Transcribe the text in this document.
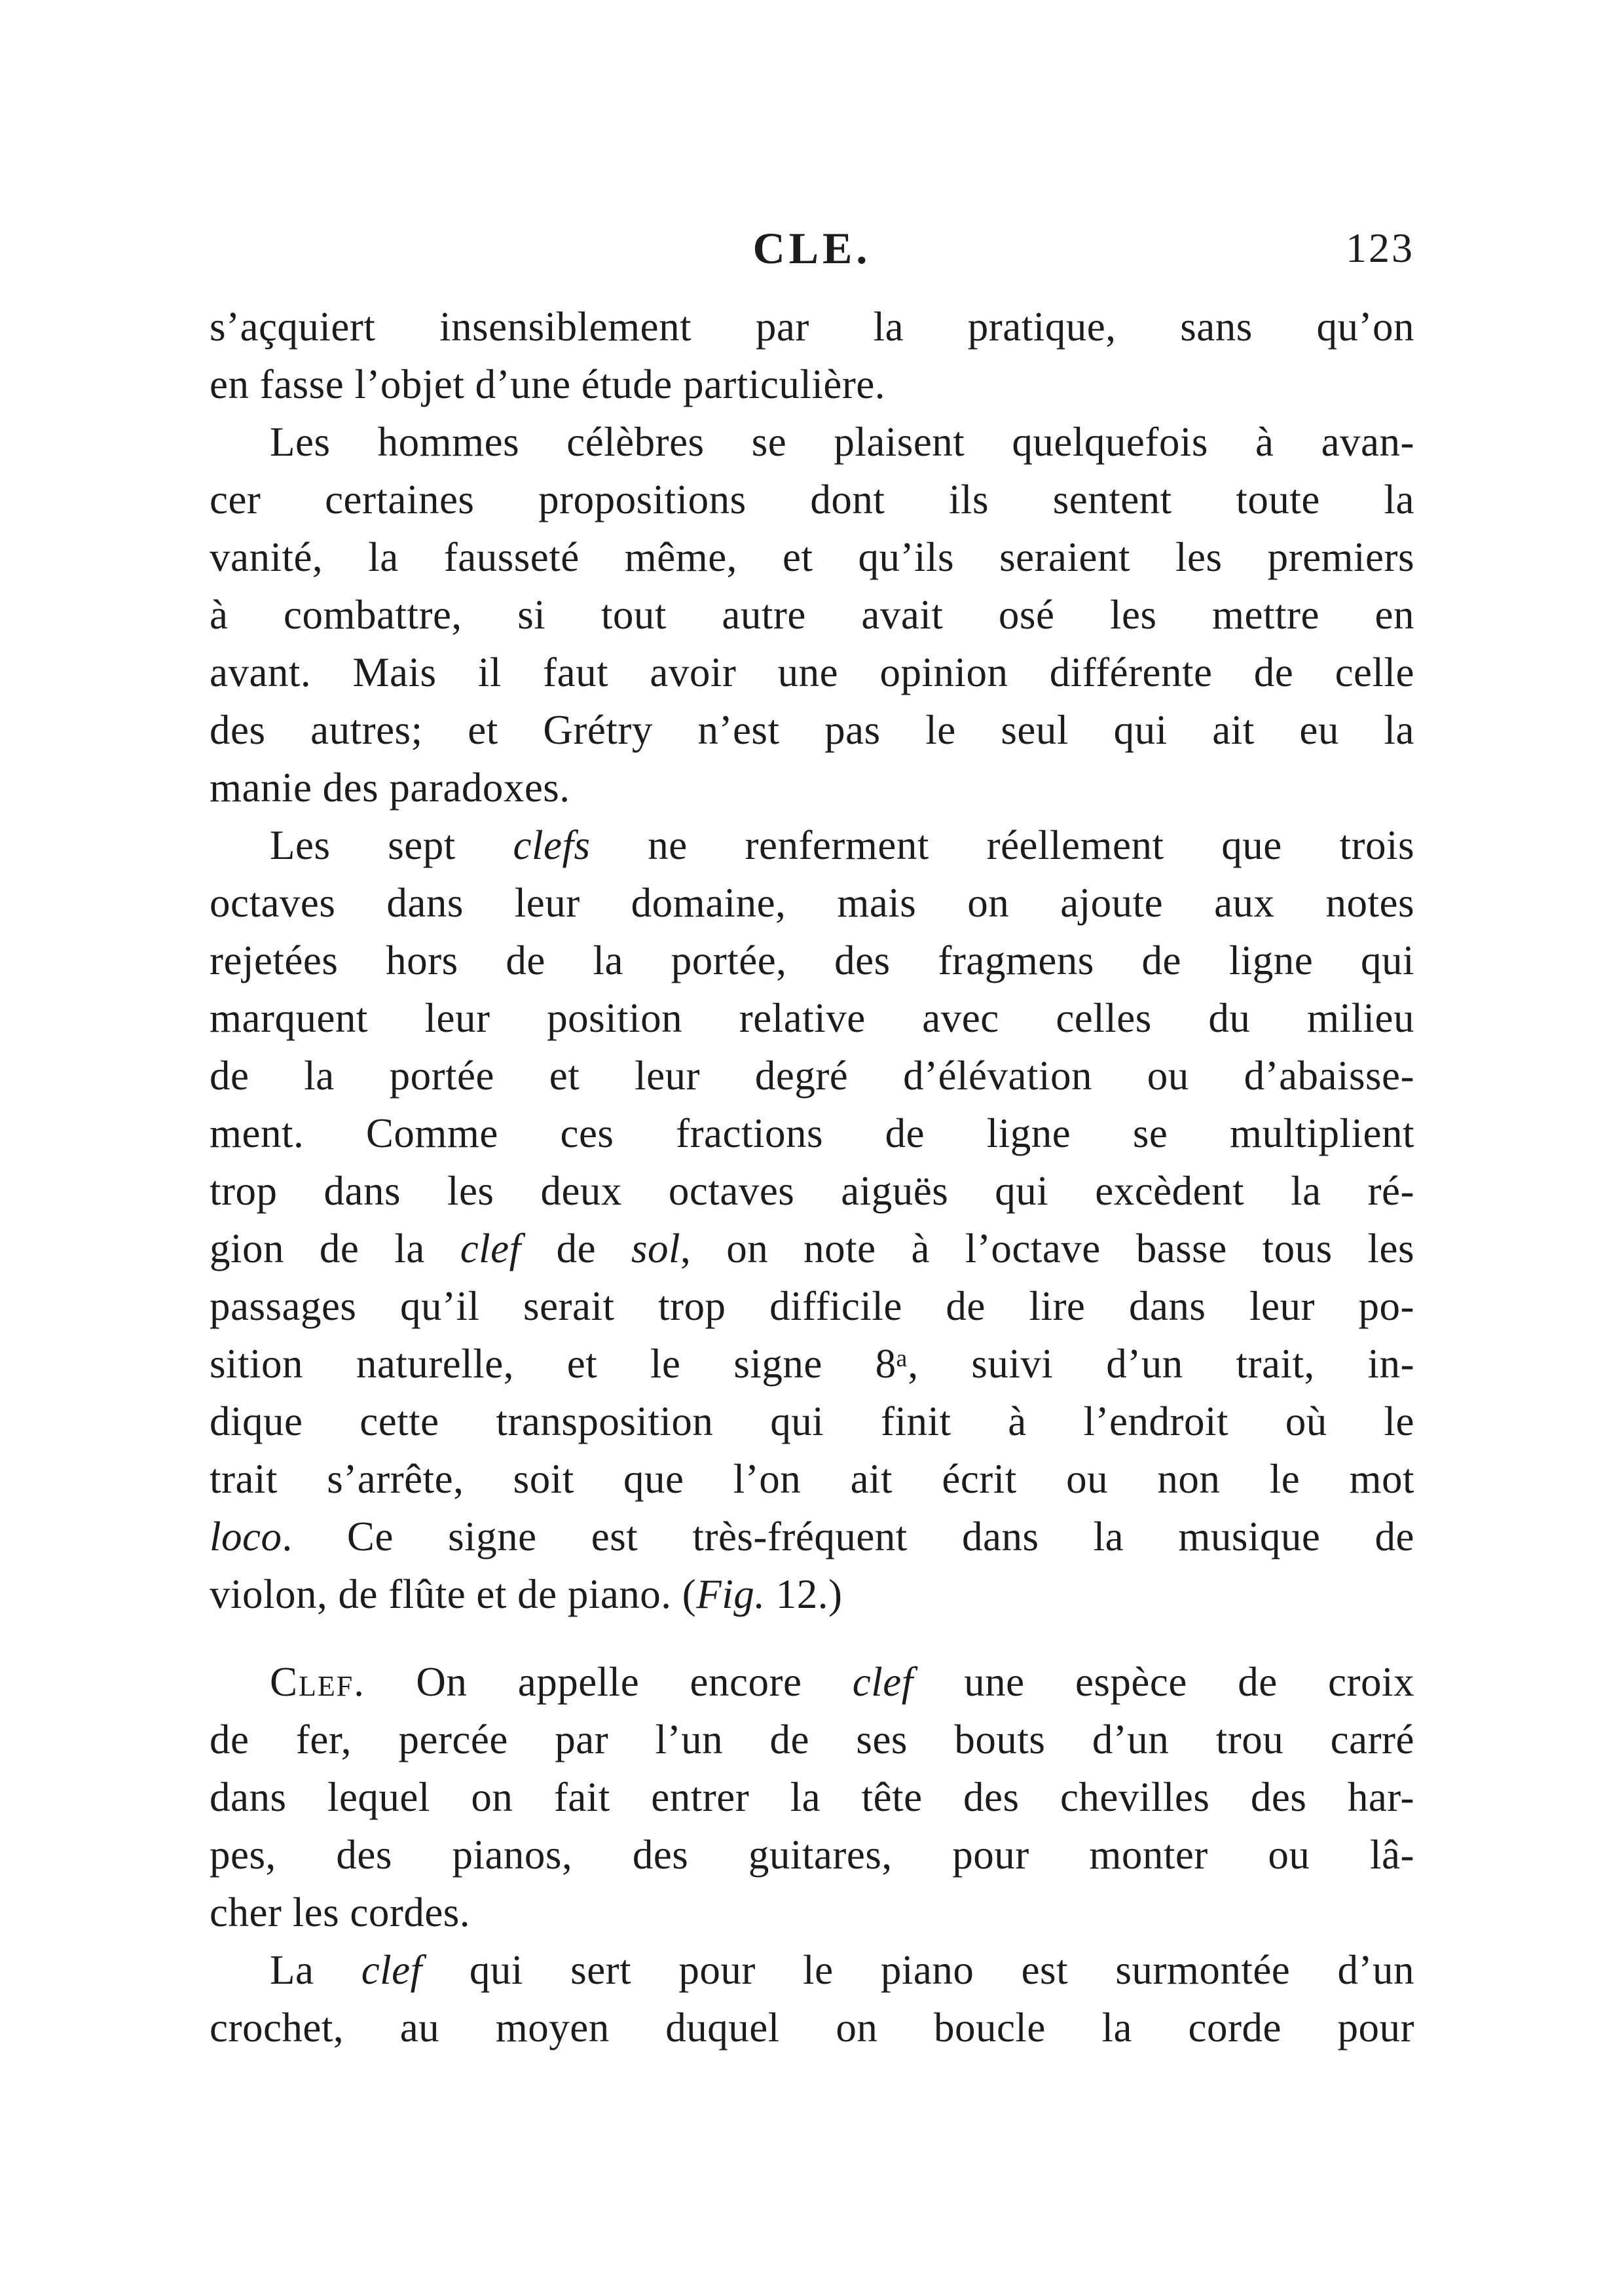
CLE.	123
s’açquiert insensiblement par la pratique, sans qu’on
en fasse l’objet d’une étude particulière.
Les hommes célèbres se plaisent quelquefois à avan-
cer certaines propositions dont ils sentent toute la
vanité, la fausseté même, et qu’ils seraient les premiers
à combattre, si tout autre avait osé les mettre en
avant. Mais il faut avoir une opinion différente de celle
des autres; et Grétry n’est pas le seul qui ait eu la
manie des paradoxes.
Les sept clefs ne renferment réellement que trois
octaves dans leur domaine, mais on ajoute aux notes
rejetées hors de la portée, des fragmens de ligne qui
marquent leur position relative avec celles du milieu
de la portée et leur degré d’élévation ou d’abaisse-
ment. Comme ces fractions de ligne se multiplient
trop dans les deux octaves aiguës qui excèdent la ré-
gion de la clef de sol, on note à l’octave basse tous les
passages qu’il serait trop difficile de lire dans leur po-
sition naturelle, et le signe 8ᵃ, suivi d’un trait, in-
dique cette transposition qui finit à l’endroit où le
trait s’arrête, soit que l’on ait écrit ou non le mot
loco. Ce signe est très-fréquent dans la musique de
violon, de flûte et de piano. (Fig. 12.)
Clef. On appelle encore clef une espèce de croix
de fer, percée par l’un de ses bouts d’un trou carré
dans lequel on fait entrer la tête des chevilles des har-
pes, des pianos, des guitares, pour monter ou lâ-
cher les cordes.
La clef qui sert pour le piano est surmontée d’un
crochet, au moyen duquel on boucle la corde pour
